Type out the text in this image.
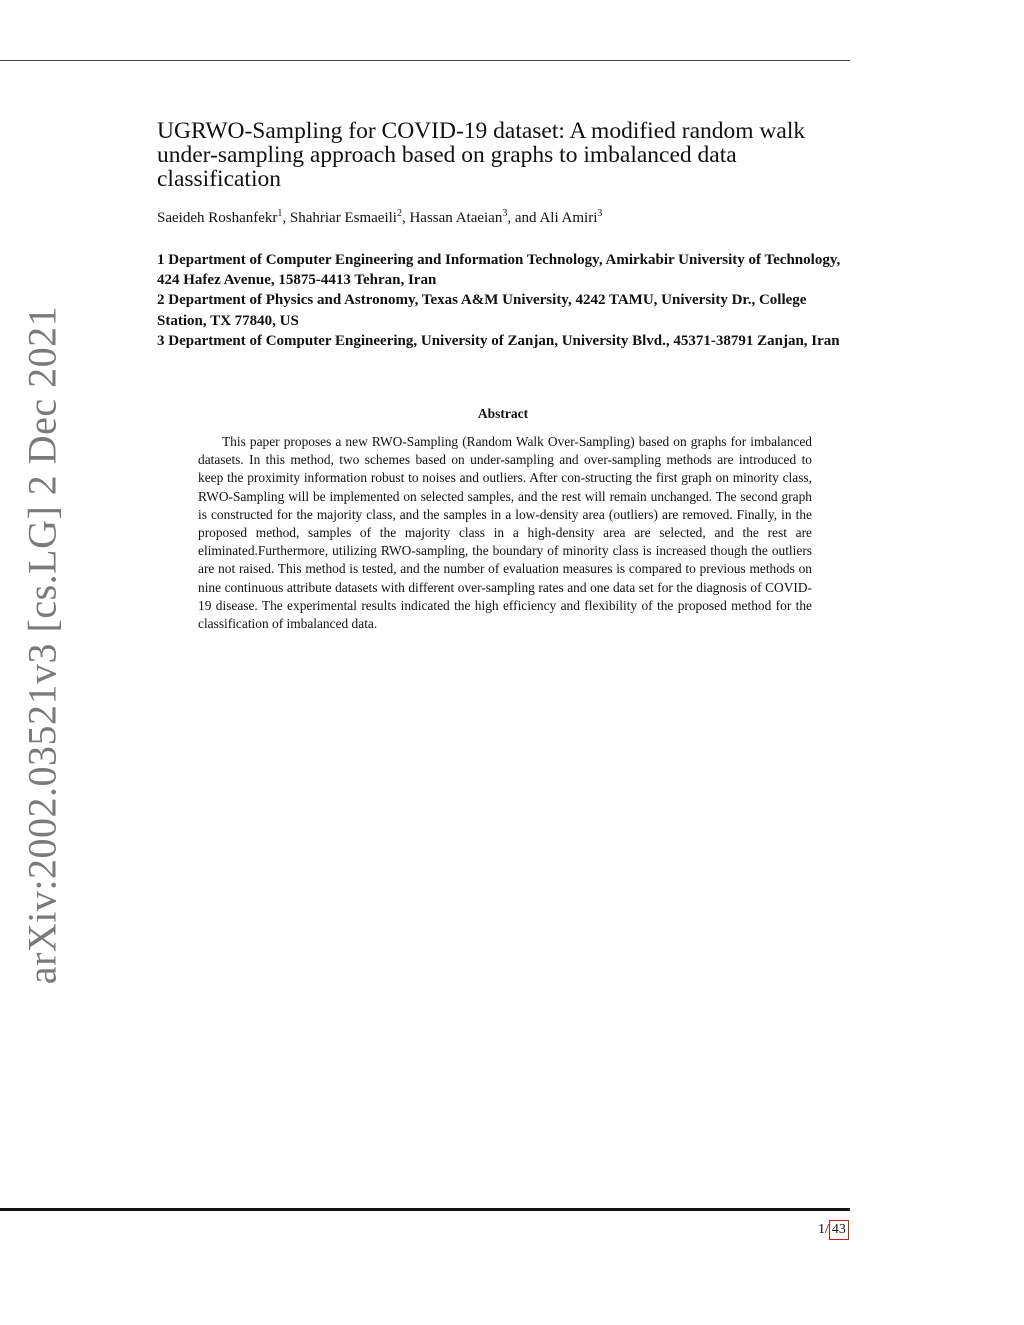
arXiv:2002.03521v3 [cs.LG] 2 Dec 2021
UGRWO-Sampling for COVID-19 dataset: A modified random walk under-sampling approach based on graphs to imbalanced data classification
Saeideh Roshanfekr$^1$, Shahriar Esmaeili$^2$, Hassan Ataeian$^3$, and Ali Amiri$^3$
1 Department of Computer Engineering and Information Technology, Amirkabir University of Technology, 424 Hafez Avenue, 15875-4413 Tehran, Iran
2 Department of Physics and Astronomy, Texas A&M University, 4242 TAMU, University Dr., College Station, TX 77840, US
3 Department of Computer Engineering, University of Zanjan, University Blvd., 45371-38791 Zanjan, Iran
Abstract

This paper proposes a new RWO-Sampling (Random Walk Over-Sampling) based on graphs for imbalanced datasets. In this method, two schemes based on under-sampling and over-sampling methods are introduced to keep the proximity information robust to noises and outliers. After con-structing the first graph on minority class, RWO-Sampling will be implemented on selected samples, and the rest will remain unchanged. The second graph is constructed for the majority class, and the samples in a low-density area (outliers) are removed. Finally, in the proposed method, samples of the majority class in a high-density area are selected, and the rest are eliminated.Furthermore, utilizing RWO-sampling, the boundary of minority class is increased though the outliers are not raised. This method is tested, and the number of evaluation measures is compared to previous methods on nine continuous attribute datasets with different over-sampling rates and one data set for the diagnosis of COVID-19 disease. The experimental results indicated the high efficiency and flexibility of the proposed method for the classification of imbalanced data.

1/ 43
